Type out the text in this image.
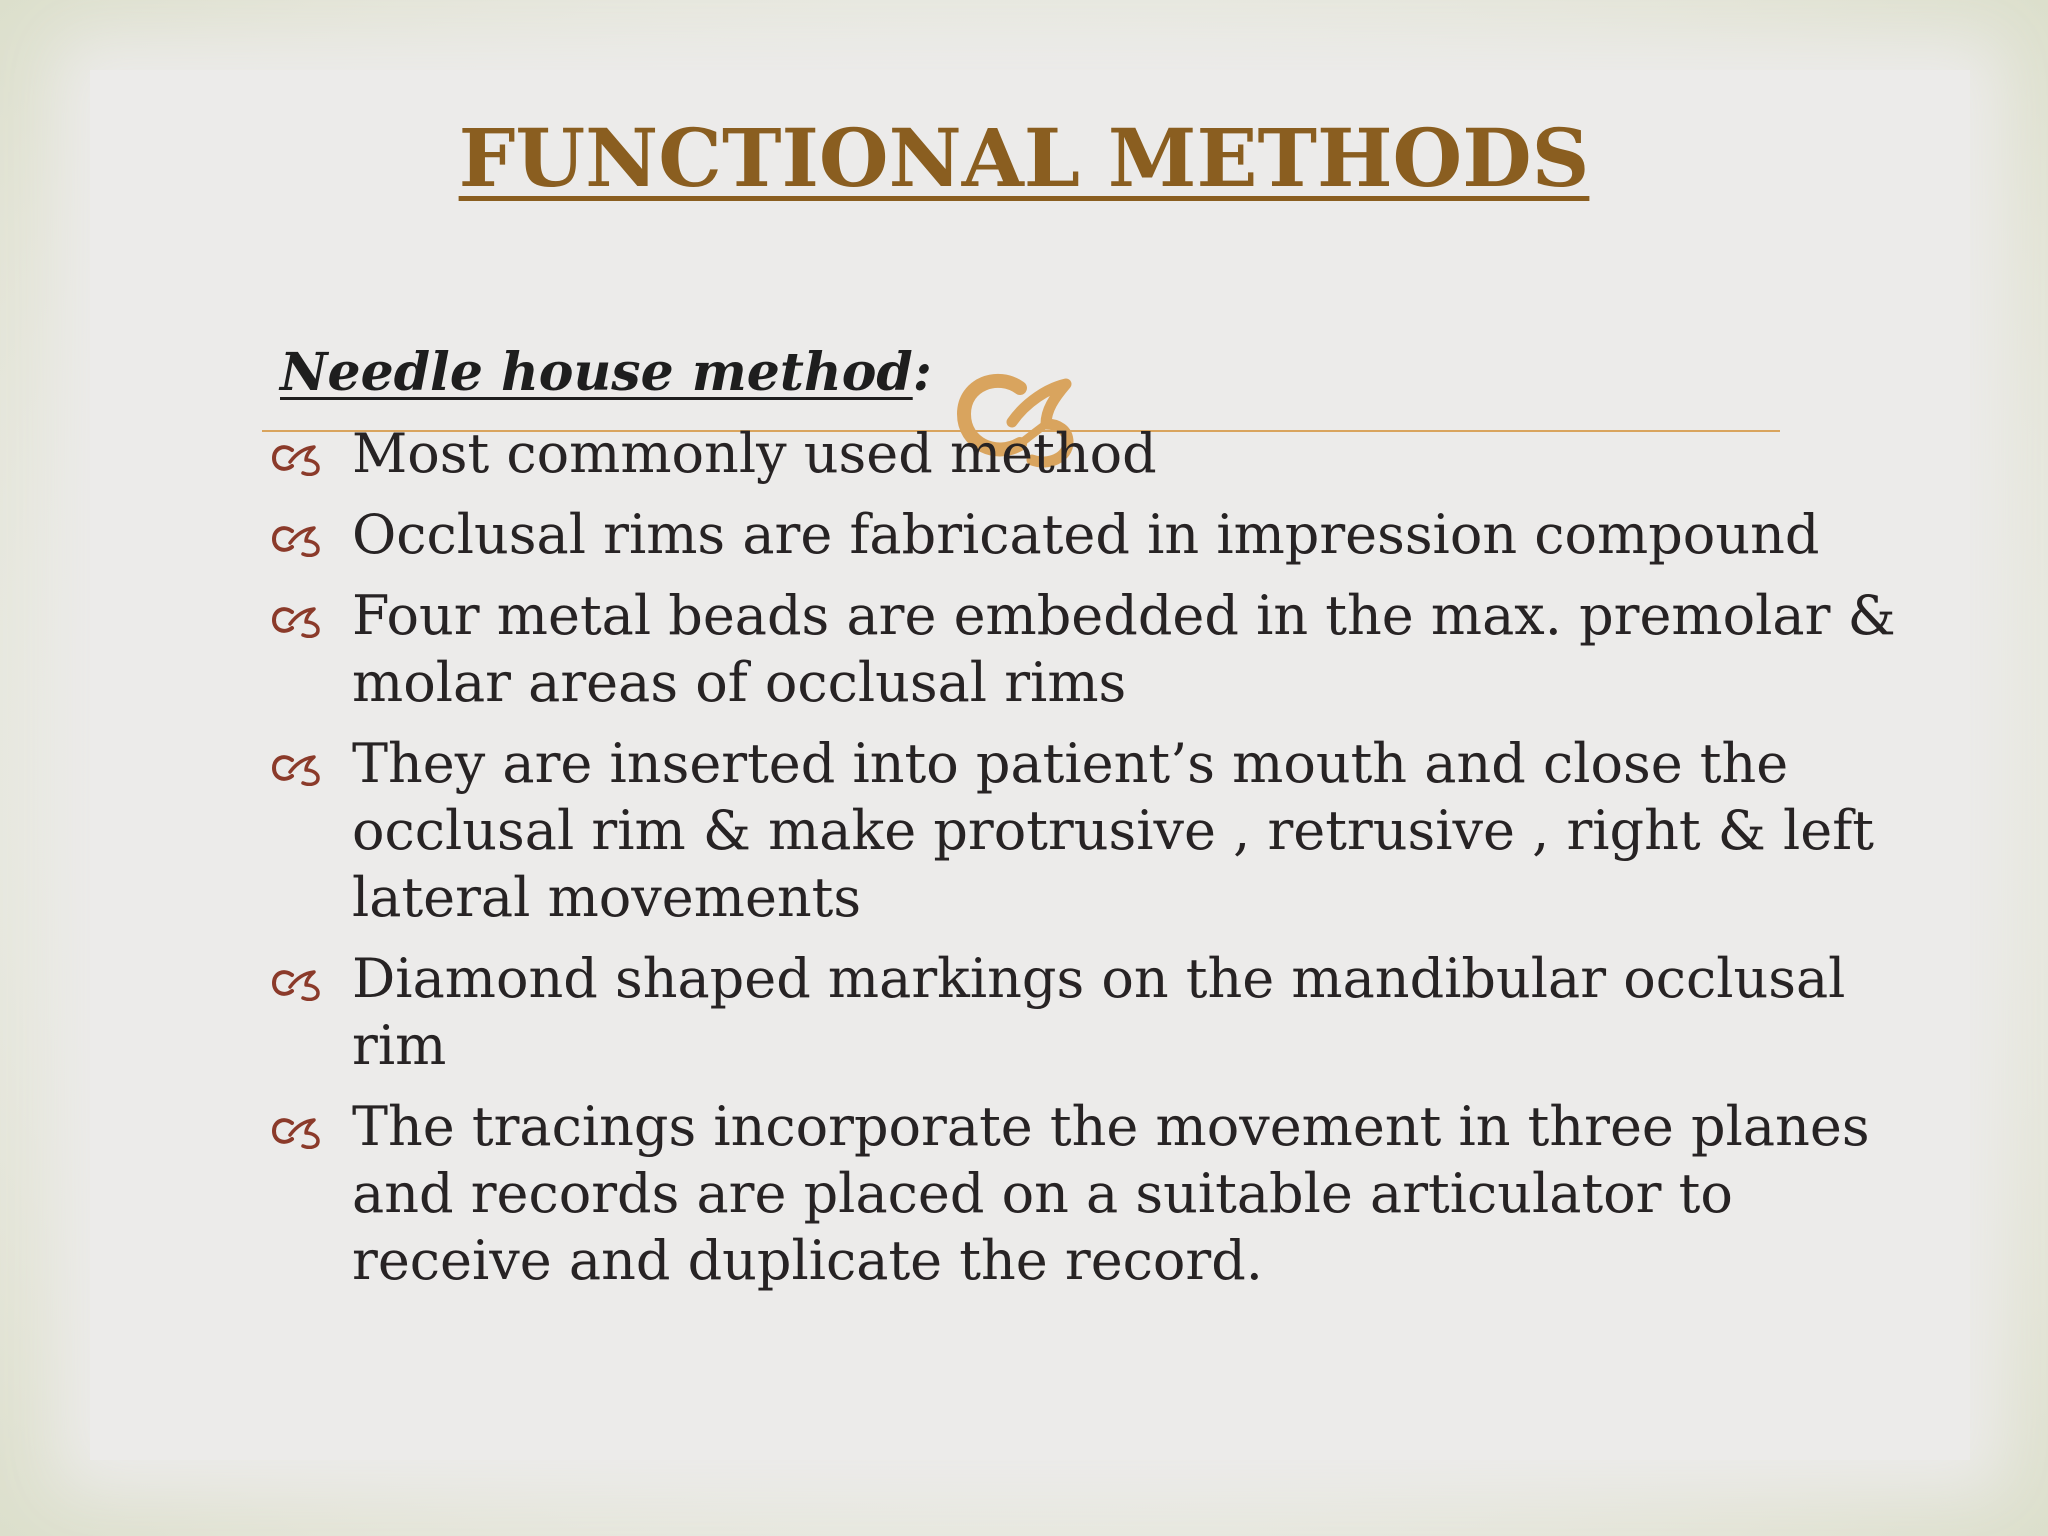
FUNCTIONAL METHODS
Needle house method:
Most commonly used method
Occlusal rims are fabricated in impression compound
Four metal beads are embedded in the max. premolar & molar areas of occlusal rims
They are inserted into patient’s mouth and close the occlusal rim & make protrusive , retrusive , right & left lateral movements
Diamond shaped markings on the mandibular occlusal rim
The tracings incorporate the movement in three planes and records are placed on a suitable articulator to receive and duplicate the record.
